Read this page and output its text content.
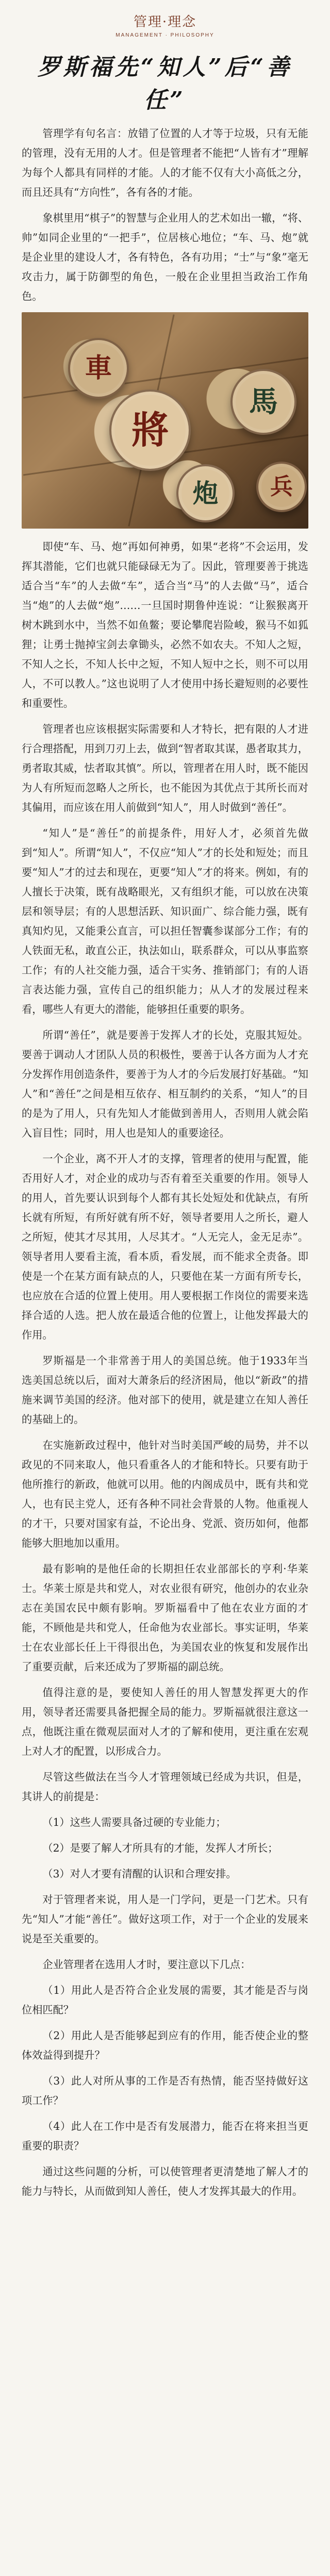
管理·理念
MANAGEMENT · PHILOSOPHY
罗斯福先“知人”后“善任”

管理学有句名言：放错了位置的人才等于垃圾，只有无能的管理，没有无用的人才。但是管理者不能把“人皆有才”理解为每个人都具有同样的才能。人的才能不仅有大小高低之分，而且还具有“方向性”，各有各的才能。

象棋里用“棋子”的智慧与企业用人的艺术如出一辙，“将、帅”如同企业里的“一把手”，位居核心地位；“车、马、炮”就是企业里的建设人才，各有特色，各有功用；“士”与“象”毫无攻击力，属于防御型的角色，一般在企业里担当政治工作角色。

車
馬
將
炮	兵

即使“车、马、炮”再如何神勇，如果“老将”不会运用，发挥其潜能，它们也就只能碌碌无为了。因此，管理要善于挑选适合当“车”的人去做“车”，适合当“马”的人去做“马”，适合当“炮”的人去做“炮”……一旦国时期鲁仲连说：“让猴猴离开树木跳到水中，当然不如鱼鳖；要论攀爬岩险峻，猴马不如狐狸；让勇士抛掉宝剑去拿锄头，必然不如农夫。不知人之短，不知人之长，不知人长中之短，不知人短中之长，则不可以用人，不可以教人。”这也说明了人才使用中扬长避短则的必要性和重要性。

管理者也应该根据实际需要和人才特长，把有限的人才进行合理搭配，用到刀刃上去，做到“智者取其谋，愚者取其力，勇者取其威，怯者取其慎”。所以，管理者在用人时，既不能因为人有所短而忽略人之所长，也不能因为其优点于其所长而对其偏用，而应该在用人前做到“知人”，用人时做到“善任”。

“知人”是“善任”的前提条件，用好人才，必须首先做到“知人”。所谓“知人”，不仅应“知人”才的长处和短处；而且要“知人”才的过去和现在，更要“知人”才的将来。例如，有的人擅长于决策，既有战略眼光，又有组织才能，可以放在决策层和领导层；有的人思想活跃、知识面广、综合能力强，既有真知灼见，又能秉公直言，可以担任智囊参谋部分工作；有的人铁面无私，敢直公正，执法如山，联系群众，可以从事监察工作；有的人社交能力强，适合干实务、推销部门；有的人语言表达能力强，宣传自己的组织能力；从人才的发展过程来看，哪些人有更大的潜能，能够担任重要的职务。

所谓“善任”，就是要善于发挥人才的长处，克服其短处。要善于调动人才团队人员的积极性，要善于认各方面为人才充分发挥作用创造条件，要善于为人才的今后发展打好基础。“知人”和“善任”之间是相互依存、相互制约的关系，“知人”的目的是为了用人，只有先知人才能做到善用人，否则用人就会陷入盲目性；同时，用人也是知人的重要途径。

一个企业，离不开人才的支撑，管理者的使用与配置，能否用好人才，对企业的成功与否有着至关重要的作用。领导人的用人，首先要认识到每个人都有其长处短处和优缺点，有所长就有所短，有所好就有所不好，领导者要用人之所长，避人之所短，使其才尽其用，人尽其才。“人无完人，金无足赤”。领导者用人要看主流，看本质，看发展，而不能求全责备。即使是一个在某方面有缺点的人，只要他在某一方面有所专长，也应放在合适的位置上使用。用人要根据工作岗位的需要来选择合适的人选。把人放在最适合他的位置上，让他发挥最大的作用。

罗斯福是一个非常善于用人的美国总统。他于1933年当选美国总统以后，面对大萧条后的经济困局，他以“新政”的措施来调节美国的经济。他对部下的使用，就是建立在知人善任的基础上的。

在实施新政过程中，他针对当时美国严峻的局势，并不以政见的不同来取人，他只看重各人的才能和特长。只要有助于他所推行的新政，他就可以用。他的内阁成员中，既有共和党人，也有民主党人，还有各种不同社会背景的人物。他重视人的才干，只要对国家有益，不论出身、党派、资历如何，他都能够大胆地加以重用。

最有影响的是他任命的长期担任农业部部长的亨利·华莱士。华莱士原是共和党人，对农业很有研究，他创办的农业杂志在美国农民中颇有影响。罗斯福看中了他在农业方面的才能，不顾他是共和党人，任命他为农业部长。事实证明，华莱士在农业部长任上干得很出色，为美国农业的恢复和发展作出了重要贡献，后来还成为了罗斯福的副总统。

值得注意的是，要使知人善任的用人智慧发挥更大的作用，领导者还需要具备把握全局的能力。罗斯福就很注意这一点，他既注重在微观层面对人才的了解和使用，更注重在宏观上对人才的配置，以形成合力。

尽管这些做法在当今人才管理领域已经成为共识，但是，其讲人的前提是：

（1）这些人需要具备过硬的专业能力；

（2）是要了解人才所具有的才能，发挥人才所长；

（3）对人才要有清醒的认识和合理安排。

对于管理者来说，用人是一门学问，更是一门艺术。只有先“知人”才能“善任”。做好这项工作，对于一个企业的发展来说是至关重要的。

企业管理者在选用人才时，要注意以下几点：

（1）用此人是否符合企业发展的需要，其才能是否与岗位相匹配？

（2）用此人是否能够起到应有的作用，能否使企业的整体效益得到提升？

（3）此人对所从事的工作是否有热情，能否坚持做好这项工作？

（4）此人在工作中是否有发展潜力，能否在将来担当更重要的职责？

通过这些问题的分析，可以使管理者更清楚地了解人才的能力与特长，从而做到知人善任，使人才发挥其最大的作用。
